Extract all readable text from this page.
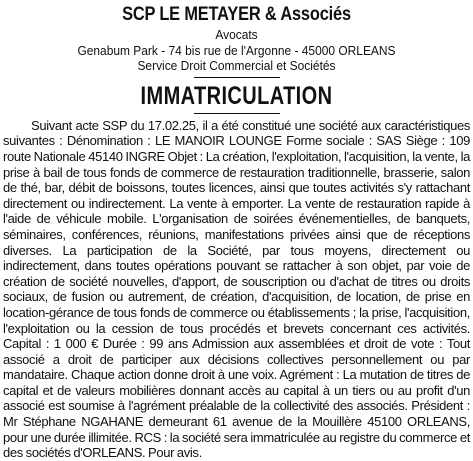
SCP LE METAYER & Associés

Avocats

Genabum Park - 74 bis rue de l'Argonne - 45000 ORLEANS

Service Droit Commercial et Sociétés

IMMATRICULATION

Suivant acte SSP du 17.02.25, il a été constitué une société aux caractéristiques suivantes : Dénomination : LE MANOIR LOUNGE Forme sociale : SAS Siège : 109 route Nationale 45140 INGRE Objet : La création, l'exploitation, l'acquisition, la vente, la prise à bail de tous fonds de commerce de restauration traditionnelle, brasserie, salon de thé, bar, débit de boissons, toutes licences, ainsi que toutes activités s'y rattachant directement ou indirectement. La vente à emporter. La vente de restauration rapide à l'aide de véhicule mobile. L'organisation de soirées événementielles, de banquets, séminaires, conférences, réunions, manifestations privées ainsi que de réceptions diverses. La participation de la Société, par tous moyens, directement ou indirectement, dans toutes opérations pouvant se rattacher à son objet, par voie de création de société nouvelles, d'apport, de souscription ou d'achat de titres ou droits sociaux, de fusion ou autrement, de création, d'acquisition, de location, de prise en location-gérance de tous fonds de commerce ou établissements ; la prise, l'acquisition, l'exploitation ou la cession de tous procédés et brevets concernant ces activités. Capital : 1 000 € Durée : 99 ans Admission aux assemblées et droit de vote : Tout associé a droit de participer aux décisions collectives personnellement ou par mandataire. Chaque action donne droit à une voix. Agrément : La mutation de titres de capital et de valeurs mobilières donnant accès au capital à un tiers ou au profit d'un associé est soumise à l'agrément préalable de la collectivité des associés. Président : Mr Stéphane NGAHANE demeurant 61 avenue de la Mouillère 45100 ORLEANS, pour une durée illimitée. RCS : la société sera immatriculée au registre du commerce et des sociétés d'ORLEANS. Pour avis.
